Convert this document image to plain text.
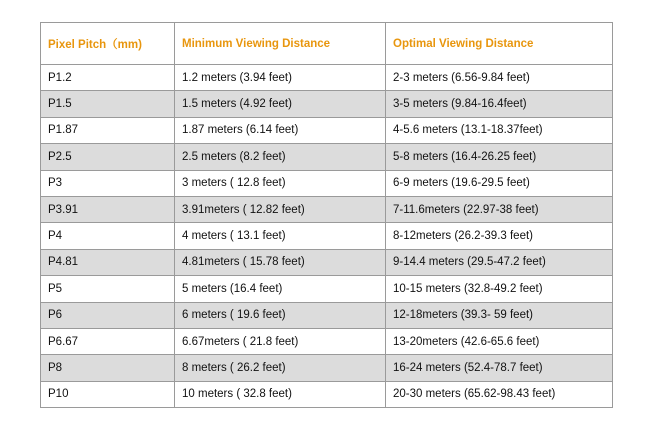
Pixel Pitch（mm)	Minimum Viewing Distance	Optimal Viewing Distance
P1.2	1.2 meters (3.94 feet)	2-3 meters (6.56-9.84 feet)
P1.5	1.5 meters (4.92 feet)	3-5 meters (9.84-16.4feet)
P1.87	1.87 meters (6.14 feet)	4-5.6 meters (13.1-18.37feet)
P2.5	2.5 meters (8.2 feet)	5-8 meters (16.4-26.25 feet)
P3	3 meters ( 12.8 feet)	6-9 meters (19.6-29.5 feet)
P3.91	3.91meters ( 12.82 feet)	7-11.6meters (22.97-38 feet)
P4	4 meters ( 13.1 feet)	8-12meters (26.2-39.3 feet)
P4.81	4.81meters ( 15.78 feet)	9-14.4 meters (29.5-47.2 feet)
P5	5 meters (16.4 feet)	10-15 meters (32.8-49.2 feet)
P6	6 meters ( 19.6 feet)	12-18meters (39.3- 59 feet)
P6.67	6.67meters ( 21.8 feet)	13-20meters (42.6-65.6 feet)
P8	8 meters ( 26.2 feet)	16-24 meters (52.4-78.7 feet)
P10	10 meters ( 32.8 feet)	20-30 meters (65.62-98.43 feet)
